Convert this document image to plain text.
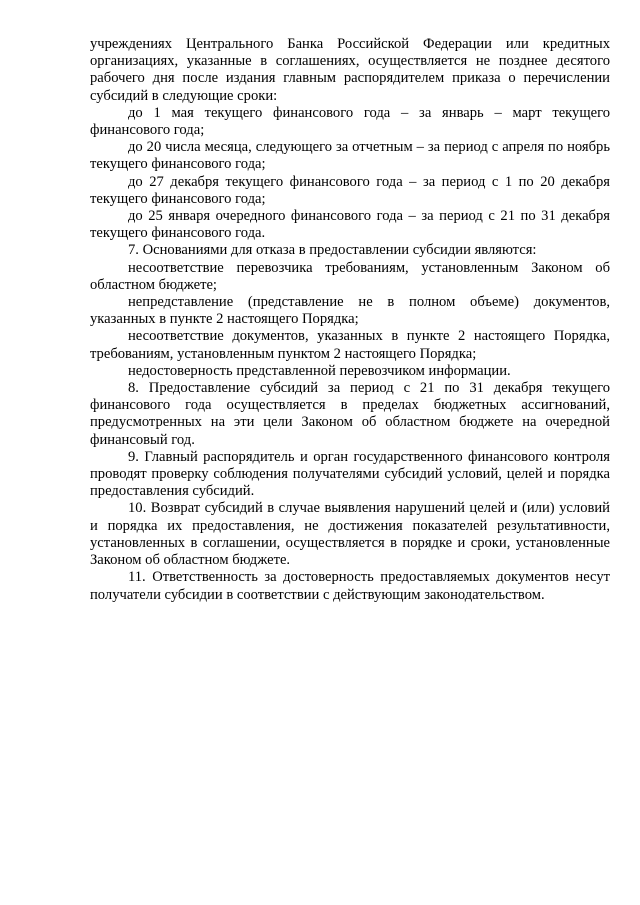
учреждениях Центрального Банка Российской Федерации или кредитных организациях, указанные в соглашениях, осуществляется не позднее десятого рабочего дня после издания главным распорядителем приказа о перечислении субсидий в следующие сроки:

до 1 мая текущего финансового года – за январь – март текущего финансового года;

до 20 числа месяца, следующего за отчетным – за период с апреля по ноябрь текущего финансового года;

до 27 декабря текущего финансового года – за период с 1 по 20 декабря текущего финансового года;

до 25 января очередного финансового года – за период с 21 по 31 декабря текущего финансового года.

7. Основаниями для отказа в предоставлении субсидии являются:

несоответствие перевозчика требованиям, установленным Законом об областном бюджете;

непредставление (представление не в полном объеме) документов, указанных в пункте 2 настоящего Порядка;

несоответствие документов, указанных в пункте 2 настоящего Порядка, требованиям, установленным пунктом 2 настоящего Порядка;

недостоверность представленной перевозчиком информации.

8. Предоставление субсидий за период с 21 по 31 декабря текущего финансового года осуществляется в пределах бюджетных ассигнований, предусмотренных на эти цели Законом об областном бюджете на очередной финансовый год.

9. Главный распорядитель и орган государственного финансового контроля проводят проверку соблюдения получателями субсидий условий, целей и порядка предоставления субсидий.

10. Возврат субсидий в случае выявления нарушений целей и (или) условий и порядка их предоставления, не достижения показателей результативности, установленных в соглашении, осуществляется в порядке и сроки, установленные Законом об областном бюджете.

11. Ответственность за достоверность предоставляемых документов несут получатели субсидии в соответствии с действующим законодательством.
